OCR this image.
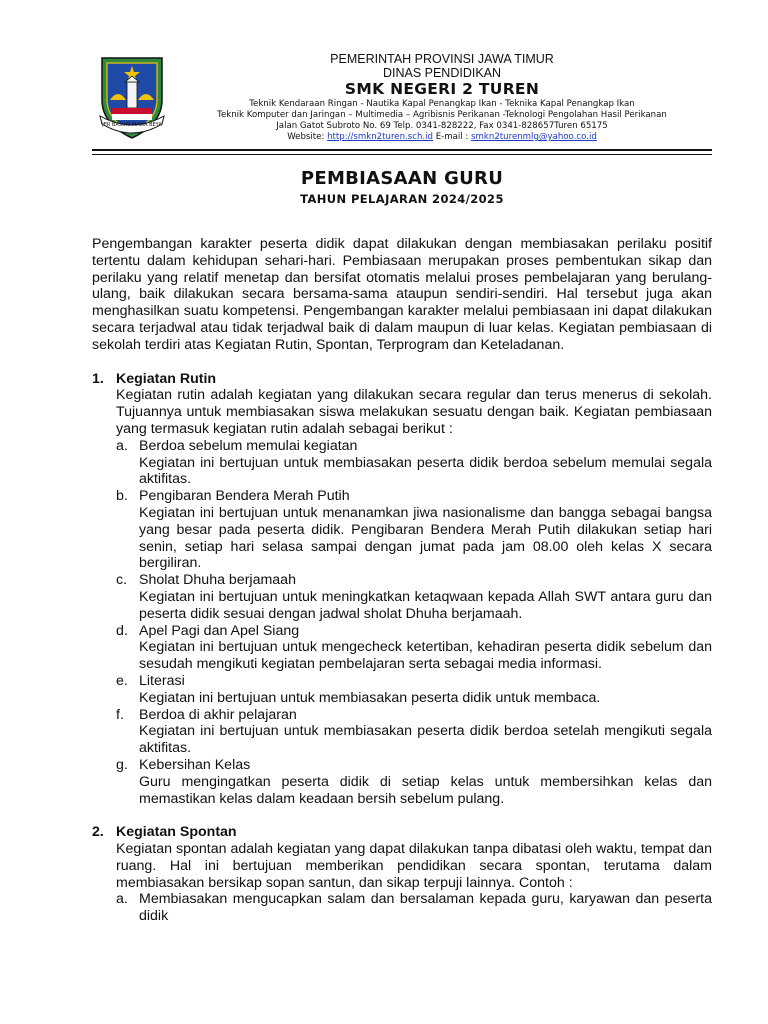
JER BASUKI MAWA BEYA
PEMERINTAH PROVINSI JAWA TIMUR
DINAS PENDIDIKAN
SMK NEGERI 2 TUREN
Teknik Kendaraan Ringan - Nautika Kapal Penangkap Ikan - Teknika Kapal Penangkap Ikan
Teknik Komputer dan Jaringan – Multimedia – Agribisnis Perikanan -Teknologi Pengolahan Hasil Perikanan
Jalan Gatot Subroto No. 69 Telp. 0341-828222, Fax 0341-828657Turen 65175
Website: http://smkn2turen.sch.id E-mail : smkn2turenmlg@yahoo.co.id
PEMBIASAAN GURU
TAHUN PELAJARAN 2024/2025

Pengembangan karakter peserta didik dapat dilakukan dengan membiasakan perilaku positif tertentu dalam kehidupan sehari-hari. Pembiasaan merupakan proses pembentukan sikap dan perilaku yang relatif menetap dan bersifat otomatis melalui proses pembelajaran yang berulang-ulang, baik dilakukan secara bersama-sama ataupun sendiri-sendiri. Hal tersebut juga akan menghasilkan suatu kompetensi. Pengembangan karakter melalui pembiasaan ini dapat dilakukan secara terjadwal atau tidak terjadwal baik di dalam maupun di luar kelas. Kegiatan pembiasaan di sekolah terdiri atas Kegiatan Rutin, Spontan, Terprogram dan Keteladanan.

1. Kegiatan Rutin

Kegiatan rutin adalah kegiatan yang dilakukan secara regular dan terus menerus di sekolah. Tujuannya untuk membiasakan siswa melakukan sesuatu dengan baik. Kegiatan pembiasaan yang termasuk kegiatan rutin adalah sebagai berikut :

a. Berdoa sebelum memulai kegiatan
Kegiatan ini bertujuan untuk membiasakan peserta didik berdoa sebelum memulai segala aktifitas.
b. Pengibaran Bendera Merah Putih
Kegiatan ini bertujuan untuk menanamkan jiwa nasionalisme dan bangga sebagai bangsa yang besar pada peserta didik. Pengibaran Bendera Merah Putih dilakukan setiap hari senin, setiap hari selasa sampai dengan jumat pada jam 08.00 oleh kelas X secara bergiliran.
c. Sholat Dhuha berjamaah
Kegiatan ini bertujuan untuk meningkatkan ketaqwaan kepada Allah SWT antara guru dan peserta didik sesuai dengan jadwal sholat Dhuha berjamaah.
d. Apel Pagi dan Apel Siang
Kegiatan ini bertujuan untuk mengecheck ketertiban, kehadiran peserta didik sebelum dan sesudah mengikuti kegiatan pembelajaran serta sebagai media informasi.
e. Literasi
Kegiatan ini bertujuan untuk membiasakan peserta didik untuk membaca.
f. Berdoa di akhir pelajaran
Kegiatan ini bertujuan untuk membiasakan peserta didik berdoa setelah mengikuti segala aktifitas.
g. Kebersihan Kelas
Guru mengingatkan peserta didik di setiap kelas untuk membersihkan kelas dan memastikan kelas dalam keadaan bersih sebelum pulang.
2. Kegiatan Spontan

Kegiatan spontan adalah kegiatan yang dapat dilakukan tanpa dibatasi oleh waktu, tempat dan ruang. Hal ini bertujuan memberikan pendidikan secara spontan, terutama dalam membiasakan bersikap sopan santun, dan sikap terpuji lainnya. Contoh :

a. Membiasakan mengucapkan salam dan bersalaman kepada guru, karyawan dan peserta didik
